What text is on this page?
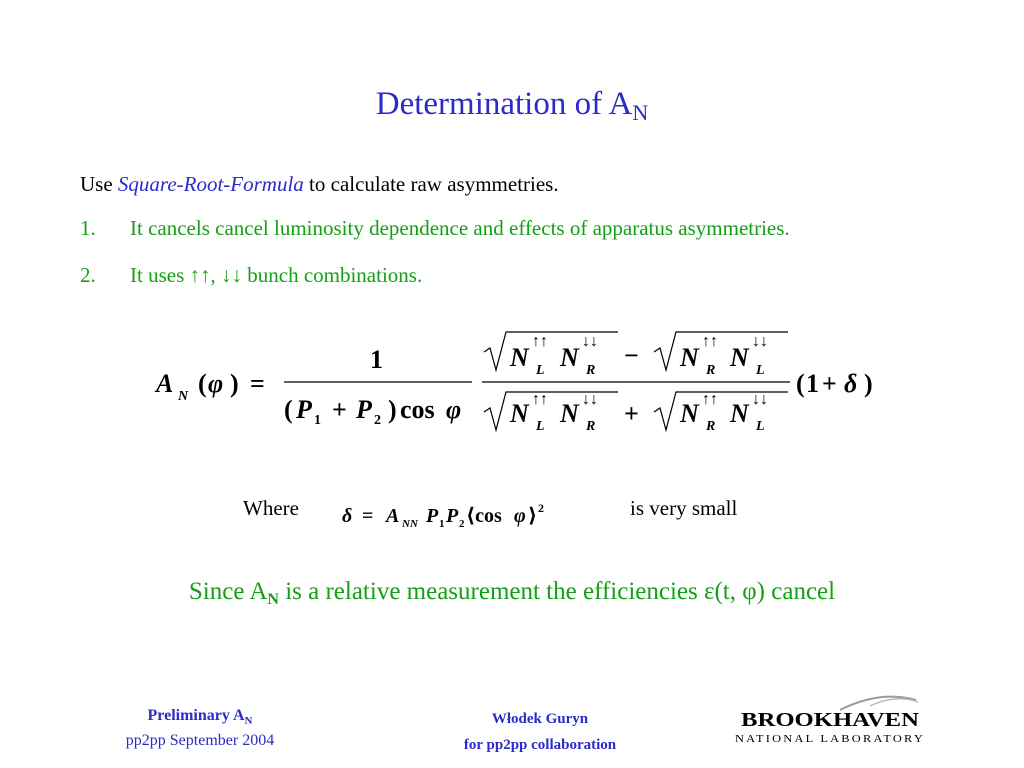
Determination of $A_N$
Use Square-Root-Formula to calculate raw asymmetries.
1. It cancels cancel luminosity dependence and effects of apparatus asymmetries.
2. It uses ↑↑, ↓↓ bunch combinations.
A N ( φ ) =
1
( P 1 + P 2 ) cos φ
N
↑↑
L N
↓↓
R
− N
↑↑
R N
↓↓
L
N ↑↑
L N ↓↓
R + N ↑↑
R N ↓↓
L
( 1 + δ )
Where δ = A NN P 1 P 2 ⟨cos φ ⟩ 2	is very small
Since $A_N$ is a relative measurement the efficiencies ε(t, φ) cancel
Preliminary $A_N$
pp2pp September 2004
Włodek Guryn
for pp2pp collaboration
BROOKHAVEN
NATIONAL LABORATORY
